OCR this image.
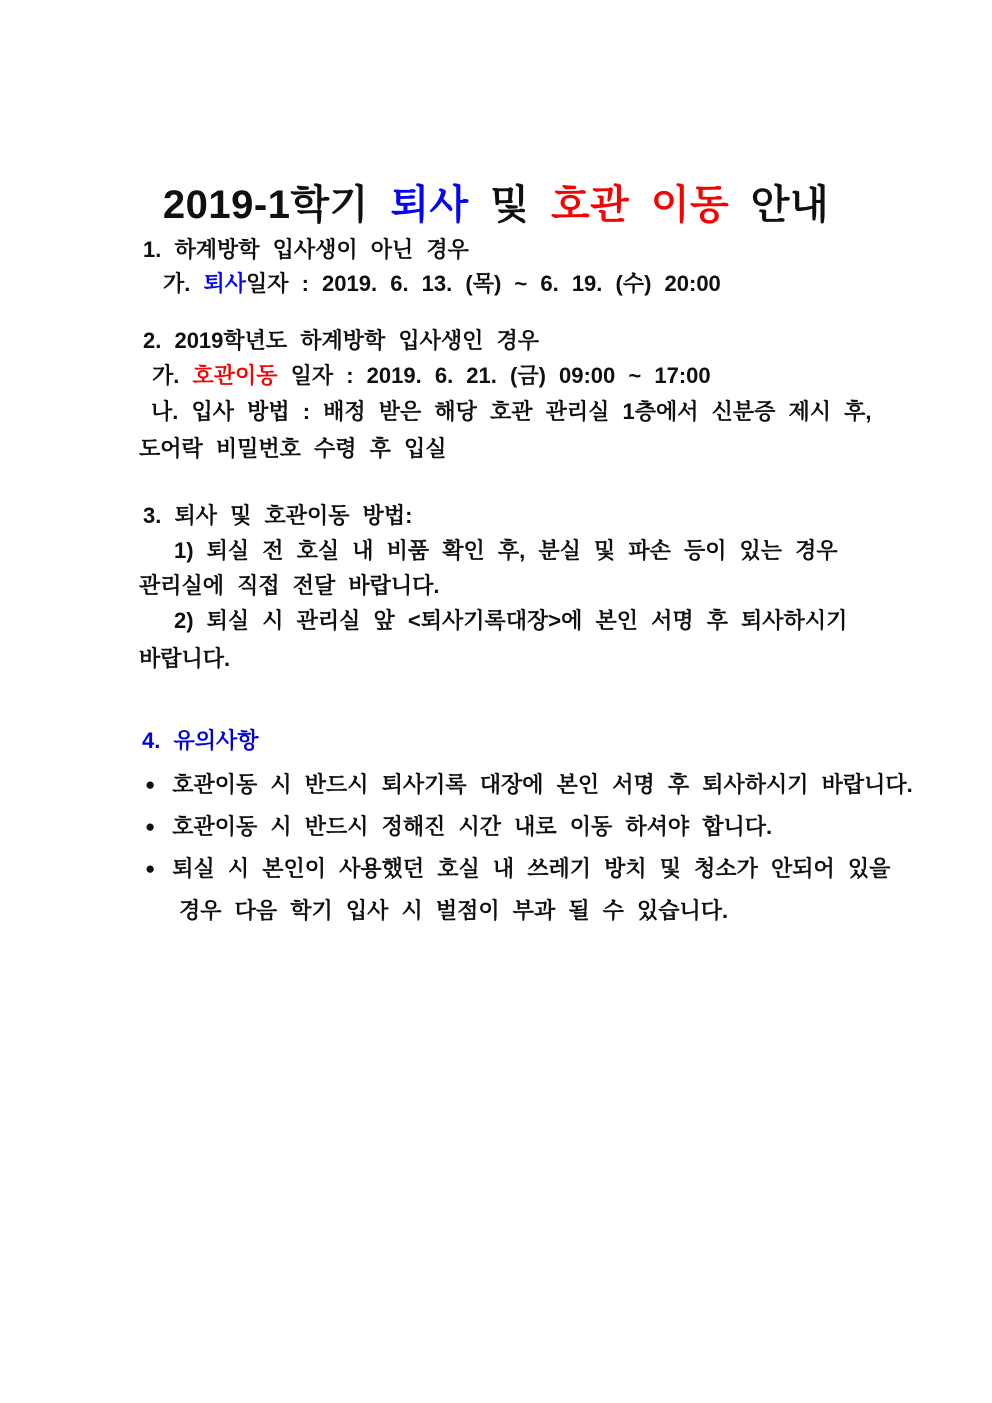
2019-1학기 퇴사 및 호관 이동 안내
1. 하계방학 입사생이 아닌 경우
가. 퇴사일자 : 2019. 6. 13. (목) ~ 6. 19. (수) 20:00
2. 2019학년도 하계방학 입사생인 경우
가. 호관이동 일자 : 2019. 6. 21. (금) 09:00 ~ 17:00
나. 입사 방법 : 배정 받은 해당 호관 관리실 1층에서 신분증 제시 후,
도어락 비밀번호 수령 후 입실
3. 퇴사 및 호관이동 방법:
1) 퇴실 전 호실 내 비품 확인 후, 분실 및 파손 등이 있는 경우
관리실에 직접 전달 바랍니다.
2) 퇴실 시 관리실 앞 <퇴사기록대장>에 본인 서명 후 퇴사하시기
바랍니다.
4. 유의사항
● 호관이동 시 반드시 퇴사기록 대장에 본인 서명 후 퇴사하시기 바랍니다.
● 호관이동 시 반드시 정해진 시간 내로 이동 하셔야 합니다.
● 퇴실 시 본인이 사용했던 호실 내 쓰레기 방치 및 청소가 안되어 있을
경우 다음 학기 입사 시 벌점이 부과 될 수 있습니다.
